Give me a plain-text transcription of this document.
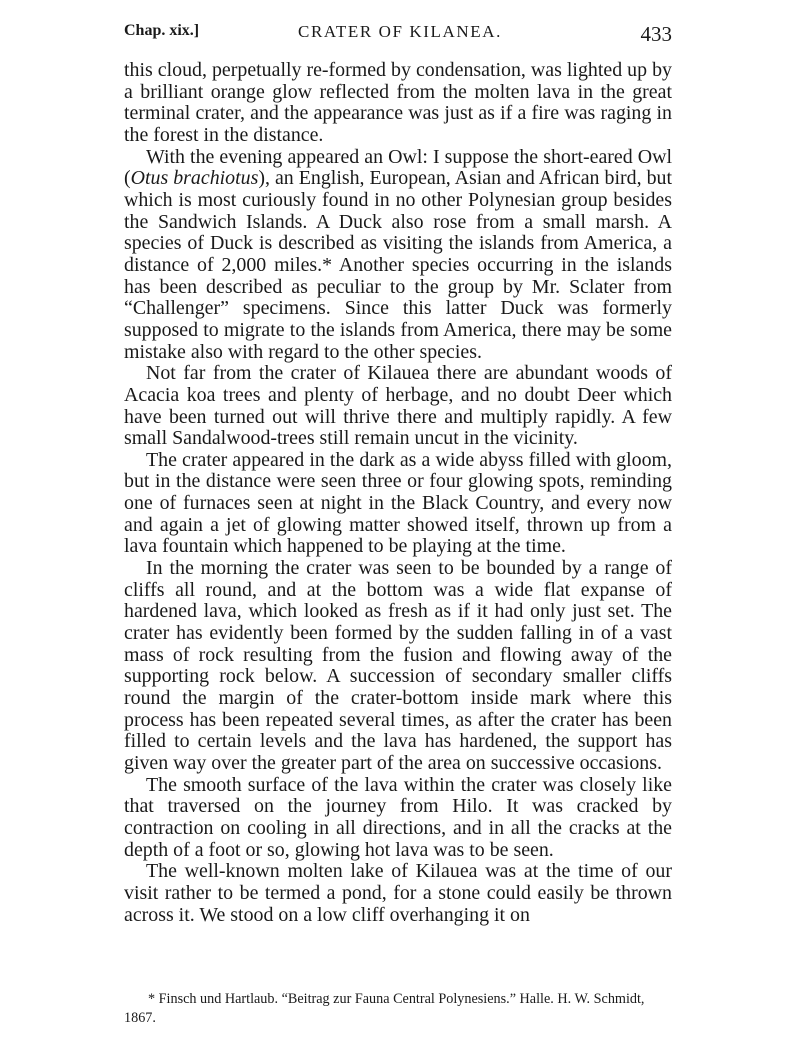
Chap. xix.]	CRATER OF KILANEA.	433

this cloud, perpetually re-formed by condensation, was lighted up by a brilliant orange glow reflected from the molten lava in the great terminal crater, and the appearance was just as if a fire was raging in the forest in the distance.

With the evening appeared an Owl: I suppose the short-eared Owl (Otus brachiotus), an English, European, Asian and African bird, but which is most curiously found in no other Polynesian group besides the Sandwich Islands. A Duck also rose from a small marsh. A species of Duck is described as visiting the islands from America, a distance of 2,000 miles.* Another species occurring in the islands has been described as peculiar to the group by Mr. Sclater from “Challenger” specimens. Since this latter Duck was formerly supposed to migrate to the islands from America, there may be some mistake also with regard to the other species.

Not far from the crater of Kilauea there are abundant woods of Acacia koa trees and plenty of herbage, and no doubt Deer which have been turned out will thrive there and multiply rapidly. A few small Sandalwood-trees still remain uncut in the vicinity.

The crater appeared in the dark as a wide abyss filled with gloom, but in the distance were seen three or four glowing spots, reminding one of furnaces seen at night in the Black Country, and every now and again a jet of glowing matter showed itself, thrown up from a lava fountain which happened to be playing at the time.

In the morning the crater was seen to be bounded by a range of cliffs all round, and at the bottom was a wide flat expanse of hardened lava, which looked as fresh as if it had only just set. The crater has evidently been formed by the sudden falling in of a vast mass of rock resulting from the fusion and flowing away of the supporting rock below. A succession of secondary smaller cliffs round the margin of the crater-bottom inside mark where this process has been repeated several times, as after the crater has been filled to certain levels and the lava has hardened, the support has given way over the greater part of the area on successive occasions.

The smooth surface of the lava within the crater was closely like that traversed on the journey from Hilo. It was cracked by contraction on cooling in all directions, and in all the cracks at the depth of a foot or so, glowing hot lava was to be seen.

The well-known molten lake of Kilauea was at the time of our visit rather to be termed a pond, for a stone could easily be thrown across it. We stood on a low cliff overhanging it on

* Finsch und Hartlaub. “Beitrag zur Fauna Central Polynesiens.” Halle. H. W. Schmidt, 1867.
